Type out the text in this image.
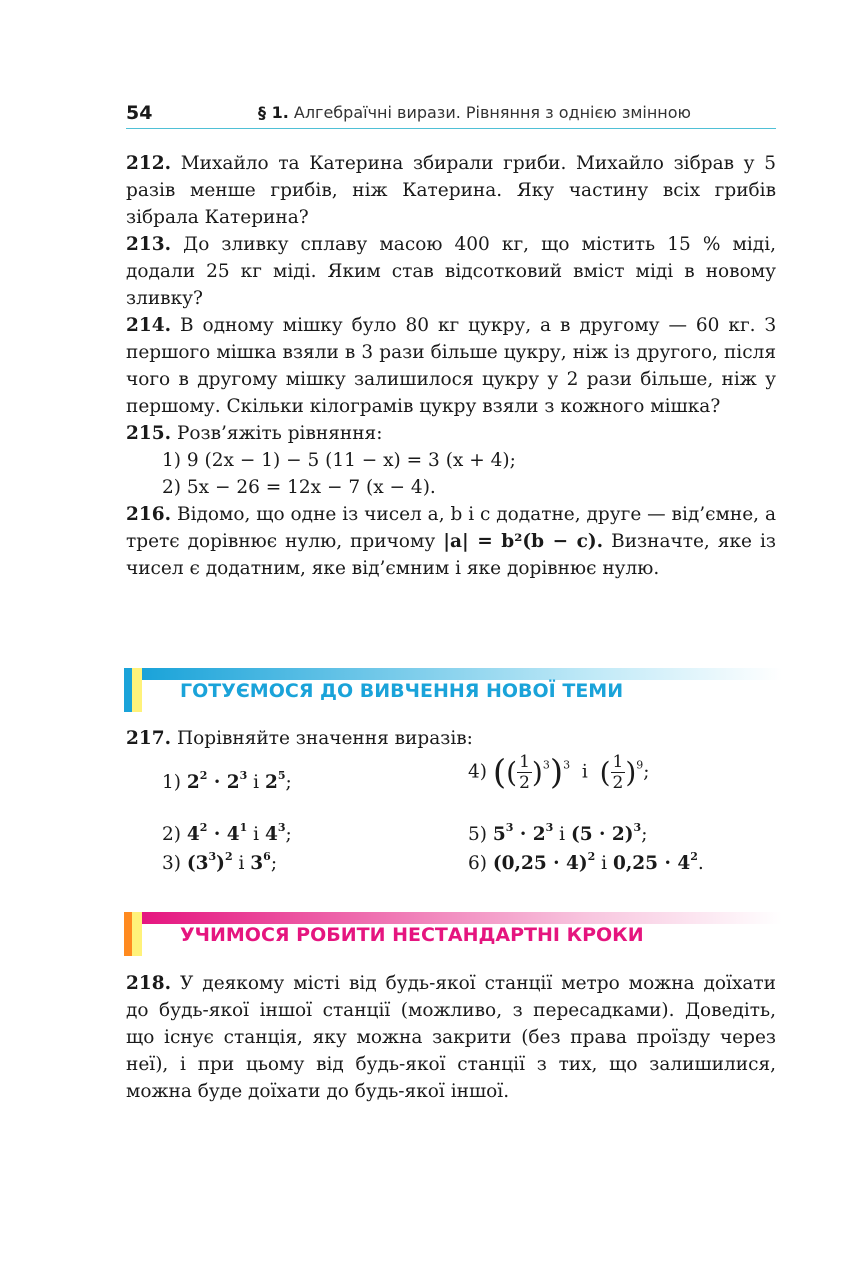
54	§ 1. Алгебраїчні вирази. Рівняння з однією змінною

212. Михайло та Катерина збирали гриби. Михайло зібрав у 5 разів менше грибів, ніж Катерина. Яку частину всіх грибів зібрала Катерина?

213. До зливку сплаву масою 400 кг, що містить 15 % міді, додали 25 кг міді. Яким став відсотковий вміст міді в новому зливку?

214. В одному мішку було 80 кг цукру, а в другому — 60 кг. З першого мішка взяли в 3 рази більше цукру, ніж із другого, після чого в другому мішку залишилося цукру у 2 рази більше, ніж у першому. Скільки кілограмів цукру взяли з кожного мішка?

215. Розв’яжіть рівняння:

1) 9 (2x − 1) − 5 (11 − x) = 3 (x + 4);

2) 5x − 26 = 12x − 7 (x − 4).

216. Відомо, що одне із чисел a, b і c додатне, друге — від’ємне, а третє дорівнює нулю, причому |a| = b²(b − c). Визначте, яке із чисел є додатним, яке від’ємним і яке дорівнює нулю.

ГОТУЄМОСЯ ДО ВИВЧЕННЯ НОВОЇ ТЕМИ

217. Порівняйте значення виразів:

1) $2^2 \cdot 2^3$ і $2^5$;
2) $4^2 \cdot 4^1$ і $4^3$;
3) $(3^3)^2$ і $3^6$;
4) (( $\frac{1}{2} )^3)^3$  і  ( $\frac{1}{2} )^9$;
5) $5^3 \cdot 2^3$ і $(5 \cdot 2)^3$;
6) $(0,25 \cdot 4)^2$ і $0,25 \cdot 4^2$.
УЧИМОСЯ РОБИТИ НЕСТАНДАРТНІ КРОКИ

218. У деякому місті від будь-якої станції метро можна доїхати до будь-якої іншої станції (можливо, з пересадками). Доведіть, що існує станція, яку можна закрити (без права проїзду через неї), і при цьому від будь-якої станції з тих, що залишилися, можна буде доїхати до будь-якої іншої.
